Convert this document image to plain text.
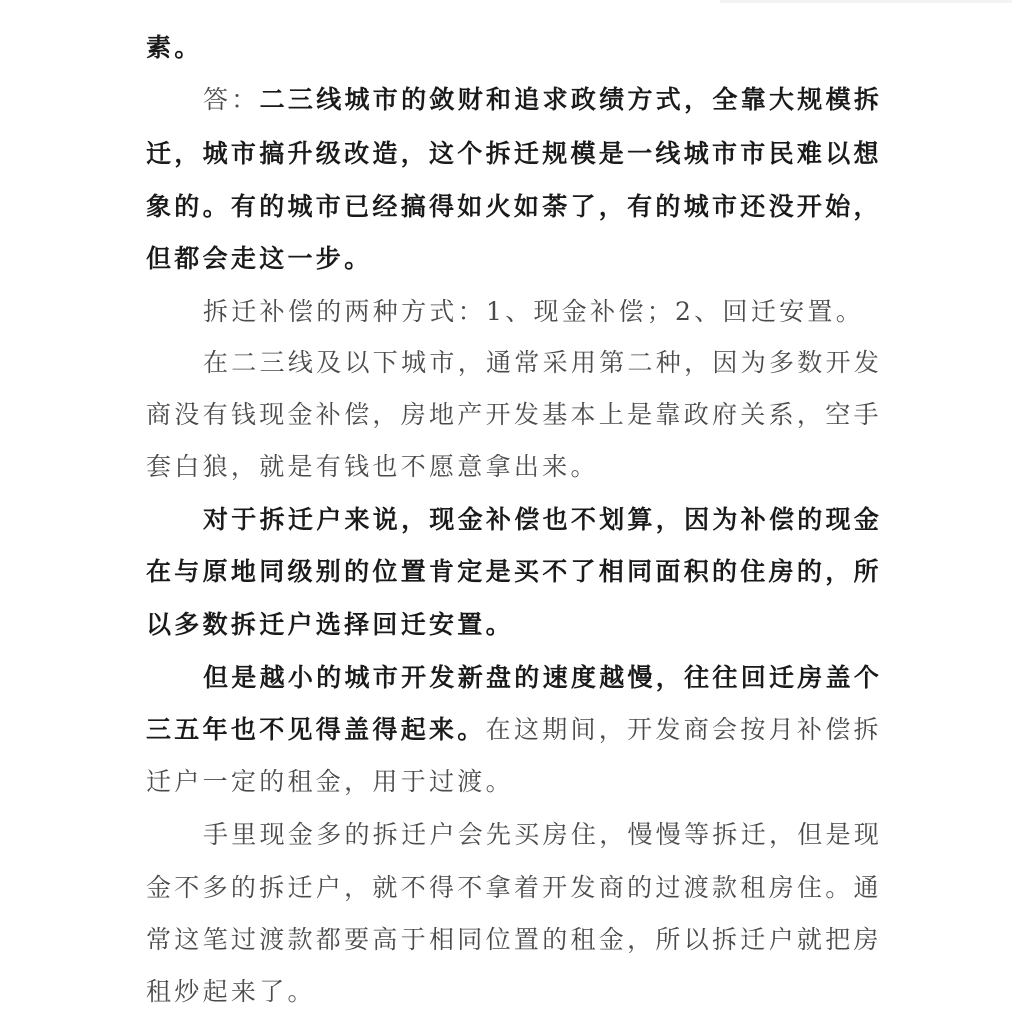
素。
答：二三线城市的敛财和追求政绩方式，全靠大规模拆
迁，城市搞升级改造，这个拆迁规模是一线城市市民难以想
象的。有的城市已经搞得如火如荼了，有的城市还没开始，
但都会走这一步。
拆迁补偿的两种方式：1、现金补偿；2、回迁安置。
在二三线及以下城市，通常采用第二种，因为多数开发
商没有钱现金补偿，房地产开发基本上是靠政府关系，空手
套白狼，就是有钱也不愿意拿出来。
对于拆迁户来说，现金补偿也不划算，因为补偿的现金
在与原地同级别的位置肯定是买不了相同面积的住房的，所
以多数拆迁户选择回迁安置。
但是越小的城市开发新盘的速度越慢，往往回迁房盖个
三五年也不见得盖得起来。在这期间，开发商会按月补偿拆
迁户一定的租金，用于过渡。
手里现金多的拆迁户会先买房住，慢慢等拆迁，但是现
金不多的拆迁户，就不得不拿着开发商的过渡款租房住。通
常这笔过渡款都要高于相同位置的租金，所以拆迁户就把房
租炒起来了。
